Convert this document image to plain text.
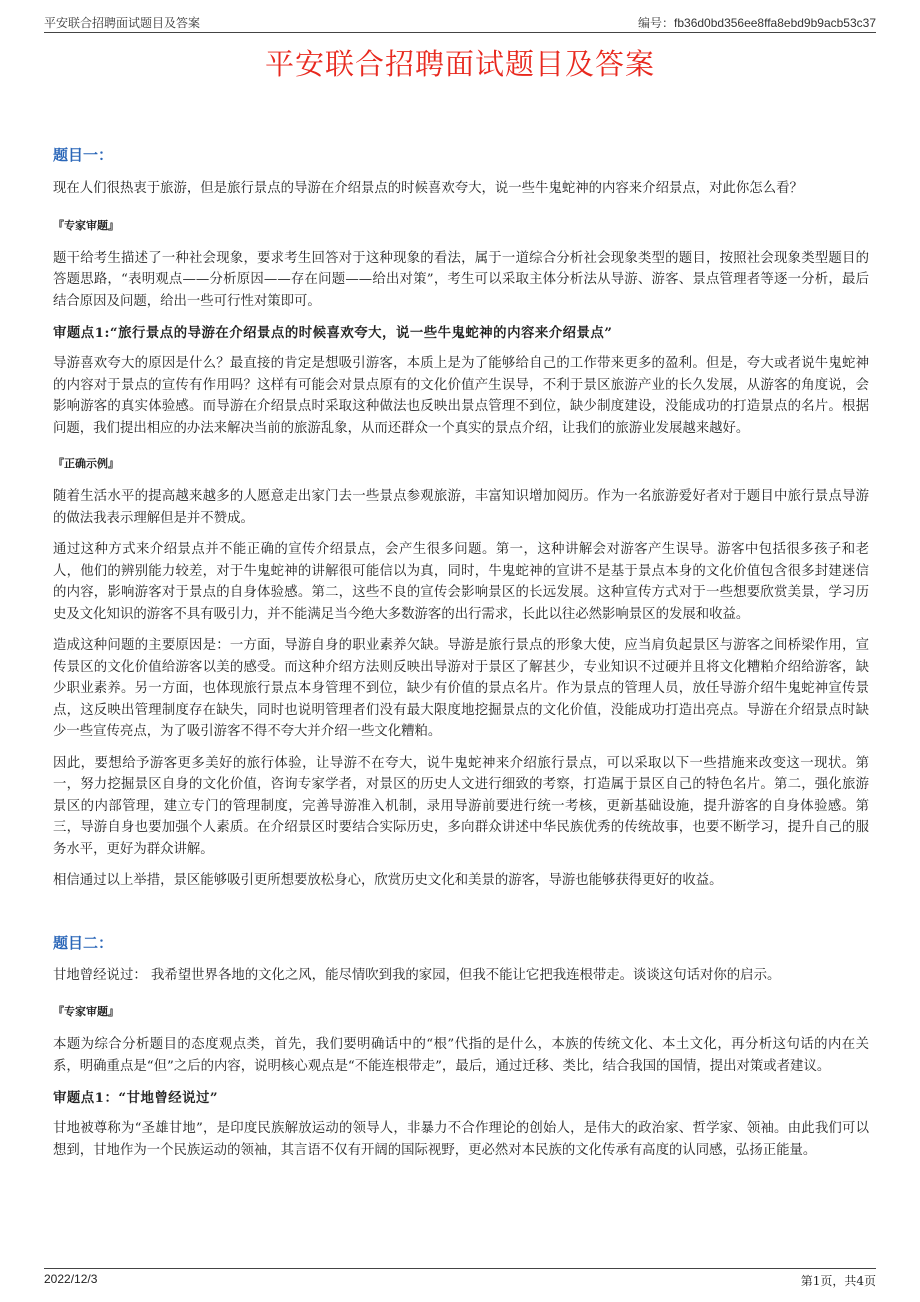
平安联合招聘面试题目及答案	编号：fb36d0bd356ee8ffa8ebd9b9acb53c37
平安联合招聘面试题目及答案
题目一：

现在人们很热衷于旅游，但是旅行景点的导游在介绍景点的时候喜欢夸大，说一些牛鬼蛇神的内容来介绍景点，对此你怎么看？

『专家审题』

题干给考生描述了一种社会现象，要求考生回答对于这种现象的看法，属于一道综合分析社会现象类型的题目，按照社会现象类型题目的答题思路，“表明观点——分析原因——存在问题——给出对策”，考生可以采取主体分析法从导游、游客、景点管理者等逐一分析，最后结合原因及问题，给出一些可行性对策即可。

审题点1:“旅行景点的导游在介绍景点的时候喜欢夸大，说一些牛鬼蛇神的内容来介绍景点”

导游喜欢夸大的原因是什么？最直接的肯定是想吸引游客，本质上是为了能够给自己的工作带来更多的盈利。但是，夸大或者说牛鬼蛇神的内容对于景点的宣传有作用吗？这样有可能会对景点原有的文化价值产生误导，不利于景区旅游产业的长久发展，从游客的角度说，会影响游客的真实体验感。而导游在介绍景点时采取这种做法也反映出景点管理不到位，缺少制度建设，没能成功的打造景点的名片。根据问题，我们提出相应的办法来解决当前的旅游乱象，从而还群众一个真实的景点介绍，让我们的旅游业发展越来越好。

『正确示例』

随着生活水平的提高越来越多的人愿意走出家门去一些景点参观旅游，丰富知识增加阅历。作为一名旅游爱好者对于题目中旅行景点导游的做法我表示理解但是并不赞成。

通过这种方式来介绍景点并不能正确的宣传介绍景点，会产生很多问题。第一，这种讲解会对游客产生误导。游客中包括很多孩子和老人，他们的辨别能力较差，对于牛鬼蛇神的讲解很可能信以为真，同时，牛鬼蛇神的宣讲不是基于景点本身的文化价值包含很多封建迷信的内容，影响游客对于景点的自身体验感。第二，这些不良的宣传会影响景区的长远发展。这种宣传方式对于一些想要欣赏美景，学习历史及文化知识的游客不具有吸引力，并不能满足当今绝大多数游客的出行需求，长此以往必然影响景区的发展和收益。

造成这种问题的主要原因是：一方面，导游自身的职业素养欠缺。导游是旅行景点的形象大使，应当肩负起景区与游客之间桥梁作用，宣传景区的文化价值给游客以美的感受。而这种介绍方法则反映出导游对于景区了解甚少，专业知识不过硬并且将文化糟粕介绍给游客，缺少职业素养。另一方面，也体现旅行景点本身管理不到位，缺少有价值的景点名片。作为景点的管理人员，放任导游介绍牛鬼蛇神宣传景点，这反映出管理制度存在缺失，同时也说明管理者们没有最大限度地挖掘景点的文化价值，没能成功打造出亮点。导游在介绍景点时缺少一些宣传亮点，为了吸引游客不得不夸大并介绍一些文化糟粕。

因此，要想给予游客更多美好的旅行体验，让导游不在夸大，说牛鬼蛇神来介绍旅行景点，可以采取以下一些措施来改变这一现状。第一，努力挖掘景区自身的文化价值，咨询专家学者，对景区的历史人文进行细致的考察，打造属于景区自己的特色名片。第二，强化旅游景区的内部管理，建立专门的管理制度，完善导游准入机制，录用导游前要进行统一考核，更新基础设施，提升游客的自身体验感。第三，导游自身也要加强个人素质。在介绍景区时要结合实际历史，多向群众讲述中华民族优秀的传统故事，也要不断学习，提升自己的服务水平，更好为群众讲解。

相信通过以上举措，景区能够吸引更所想要放松身心，欣赏历史文化和美景的游客，导游也能够获得更好的收益。

题目二：

甘地曾经说过： 我希望世界各地的文化之风，能尽情吹到我的家园，但我不能让它把我连根带走。谈谈这句话对你的启示。

『专家审题』

本题为综合分析题目的态度观点类，首先，我们要明确话中的“根”代指的是什么，本族的传统文化、本土文化，再分析这句话的内在关系，明确重点是“但”之后的内容，说明核心观点是“不能连根带走”，最后，通过迁移、类比，结合我国的国情，提出对策或者建议。

审题点1：“甘地曾经说过”

甘地被尊称为“圣雄甘地”，是印度民族解放运动的领导人，非暴力不合作理论的创始人，是伟大的政治家、哲学家、领袖。由此我们可以想到，甘地作为一个民族运动的领袖，其言语不仅有开阔的国际视野，更必然对本民族的文化传承有高度的认同感，弘扬正能量。

2022/12/3	第1页，共4页
